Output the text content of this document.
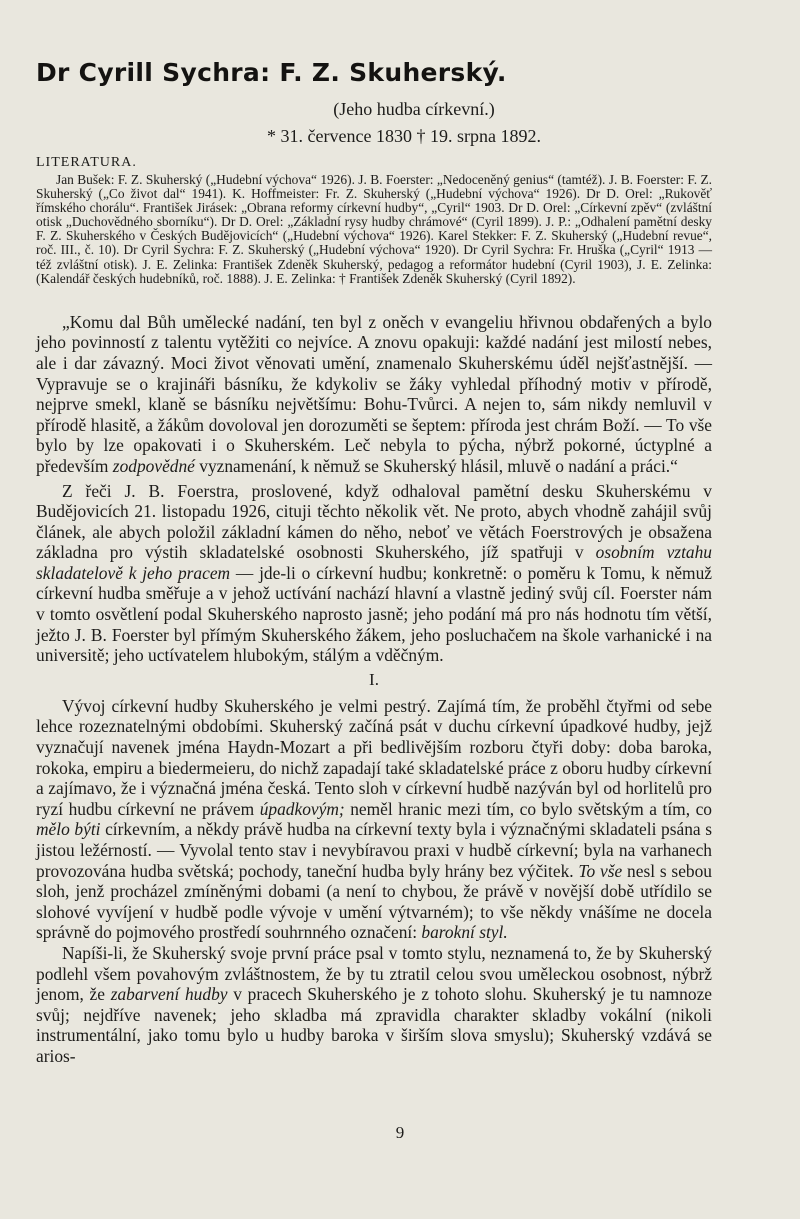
Dr Cyrill Sychra: F. Z. Skuherský.
(Jeho hudba církevní.)
* 31. července 1830 † 19. srpna 1892.
LITERATURA.

Jan Bušek: F. Z. Skuherský („Hudební výchova“ 1926). J. B. Foerster: „Nedoceněný genius“ (tamtéž). J. B. Foerster: F. Z. Skuherský („Co život dal“ 1941). K. Hoffmeister: Fr. Z. Skuherský („Hudební výchova“ 1926). Dr D. Orel: „Rukověť římského chorálu“. František Jirásek: „Obrana reformy církevní hudby“, „Cyril“ 1903. Dr D. Orel: „Církevní zpěv“ (zvláštní otisk „Duchovědného sborníku“). Dr D. Orel: „Základní rysy hudby chrámové“ (Cyril 1899). J. P.: „Odhalení pamětní desky F. Z. Skuherského v Českých Budějovicích“ („Hudební výchova“ 1926). Karel Stekker: F. Z. Skuherský („Hudební revue“, roč. III., č. 10). Dr Cyril Sychra: F. Z. Skuherský („Hudební výchova“ 1920). Dr Cyril Sychra: Fr. Hruška („Cyril“ 1913 — též zvláštní otisk). J. E. Zelinka: František Zdeněk Skuherský, pedagog a reformátor hudební (Cyril 1903), J. E. Zelinka: (Kalendář českých hudebníků, roč. 1888). J. E. Zelinka: † František Zdeněk Skuherský (Cyril 1892).

„Komu dal Bůh umělecké nadání, ten byl z oněch v evangeliu hřivnou obdařených a bylo jeho povinností z talentu vytěžiti co nejvíce. A znovu opakuji: každé nadání jest milostí nebes, ale i dar závazný. Moci život věnovati umění, znamenalo Skuherskému úděl nejšťastnější. — Vypravuje se o krajináři básníku, že kdykoliv se žáky vyhledal příhodný motiv v přírodě, nejprve smekl, klaně se básníku největšímu: Bohu-Tvůrci. A nejen to, sám nikdy nemluvil v přírodě hlasitě, a žákům dovoloval jen dorozuměti se šeptem: příroda jest chrám Boží. — To vše bylo by lze opakovati i o Skuherském. Leč nebyla to pýcha, nýbrž pokorné, úctyplné a především zodpovědné vyznamenání, k němuž se Skuherský hlásil, mluvě o nadání a práci.“

Z řeči J. B. Foerstra, proslovené, když odhaloval pamětní desku Skuherskému v Budějovicích 21. listopadu 1926, cituji těchto několik vět. Ne proto, abych vhodně zahájil svůj článek, ale abych položil základní kámen do něho, neboť ve větách Foerstrových je obsažena základna pro výstih skladatelské osobnosti Skuherského, jíž spatřuji v osobním vztahu skladatelově k jeho pracem — jde-li o církevní hudbu; konkretně: o poměru k Tomu, k němuž církevní hudba směřuje a v jehož uctívání nachází hlavní a vlastně jediný svůj cíl. Foerster nám v tomto osvětlení podal Skuherského naprosto jasně; jeho podání má pro nás hodnotu tím větší, ježto J. B. Foerster byl přímým Skuherského žákem, jeho posluchačem na škole varhanické i na universitě; jeho uctívatelem hlubokým, stálým a vděčným.

I.

Vývoj církevní hudby Skuherského je velmi pestrý. Zajímá tím, že proběhl čtyřmi od sebe lehce rozeznatelnými obdobími. Skuherský začíná psát v duchu církevní úpadkové hudby, jejž vyznačují navenek jména Haydn-Mozart a při bedlivějším rozboru čtyři doby: doba baroka, rokoka, empiru a biedermeieru, do nichž zapadají také skladatelské práce z oboru hudby církevní a zajímavo, že i význačná jména česká. Tento sloh v církevní hudbě nazýván byl od horlitelů pro ryzí hudbu církevní ne právem úpadkovým; neměl hranic mezi tím, co bylo světským a tím, co mělo býti církevním, a někdy právě hudba na církevní texty byla i význačnými skladateli psána s jistou ležérností. — Vyvolal tento stav i nevybíravou praxi v hudbě církevní; byla na varhanech provozována hudba světská; pochody, taneční hudba byly hrány bez výčitek. To vše nesl s sebou sloh, jenž procházel zmíněnými dobami (a není to chybou, že právě v novější době utřídilo se slohové vyvíjení v hudbě podle vývoje v umění výtvarném); to vše někdy vnášíme ne docela správně do pojmového prostředí souhrnného označení: barokní styl.

Napíši-li, že Skuherský svoje první práce psal v tomto stylu, neznamená to, že by Skuherský podlehl všem povahovým zvláštnostem, že by tu ztratil celou svou uměleckou osobnost, nýbrž jenom, že zabarvení hudby v pracech Skuherského je z tohoto slohu. Skuherský je tu namnoze svůj; nejdříve navenek; jeho skladba má zpravidla charakter skladby vokální (nikoli instrumentální, jako tomu bylo u hudby baroka v širším slova smyslu); Skuherský vzdává se arios-

9
